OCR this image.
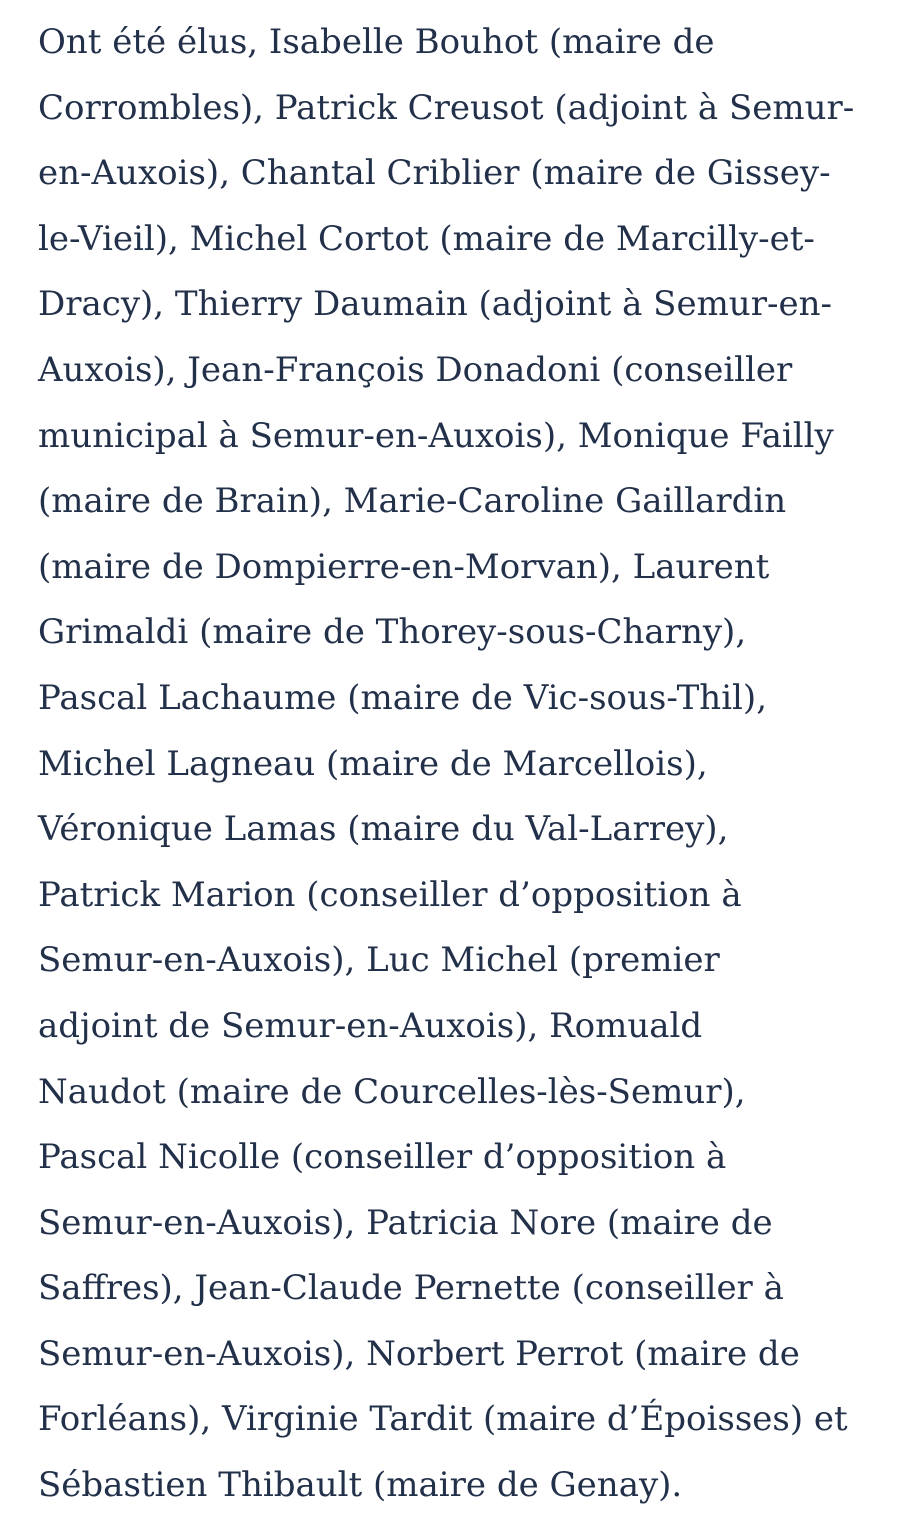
Ont été élus, Isabelle Bouhot (maire de
Corrombles), Patrick Creusot (adjoint à Semur-
en-Auxois), Chantal Criblier (maire de Gissey-
le-Vieil), Michel Cortot (maire de Marcilly-et-
Dracy), Thierry Daumain (adjoint à Semur-en-
Auxois), Jean-François Donadoni (conseiller
municipal à Semur-en-Auxois), Monique Failly
(maire de Brain), Marie-Caroline Gaillardin
(maire de Dompierre-en-Morvan), Laurent
Grimaldi (maire de Thorey-sous-Charny),
Pascal Lachaume (maire de Vic-sous-Thil),
Michel Lagneau (maire de Marcellois),
Véronique Lamas (maire du Val-Larrey),
Patrick Marion (conseiller d’opposition à
Semur-en-Auxois), Luc Michel (premier
adjoint de Semur-en-Auxois), Romuald
Naudot (maire de Courcelles-lès-Semur),
Pascal Nicolle (conseiller d’opposition à
Semur-en-Auxois), Patricia Nore (maire de
Saffres), Jean-Claude Pernette (conseiller à
Semur-en-Auxois), Norbert Perrot (maire de
Forléans), Virginie Tardit (maire d’Époisses) et
Sébastien Thibault (maire de Genay).
